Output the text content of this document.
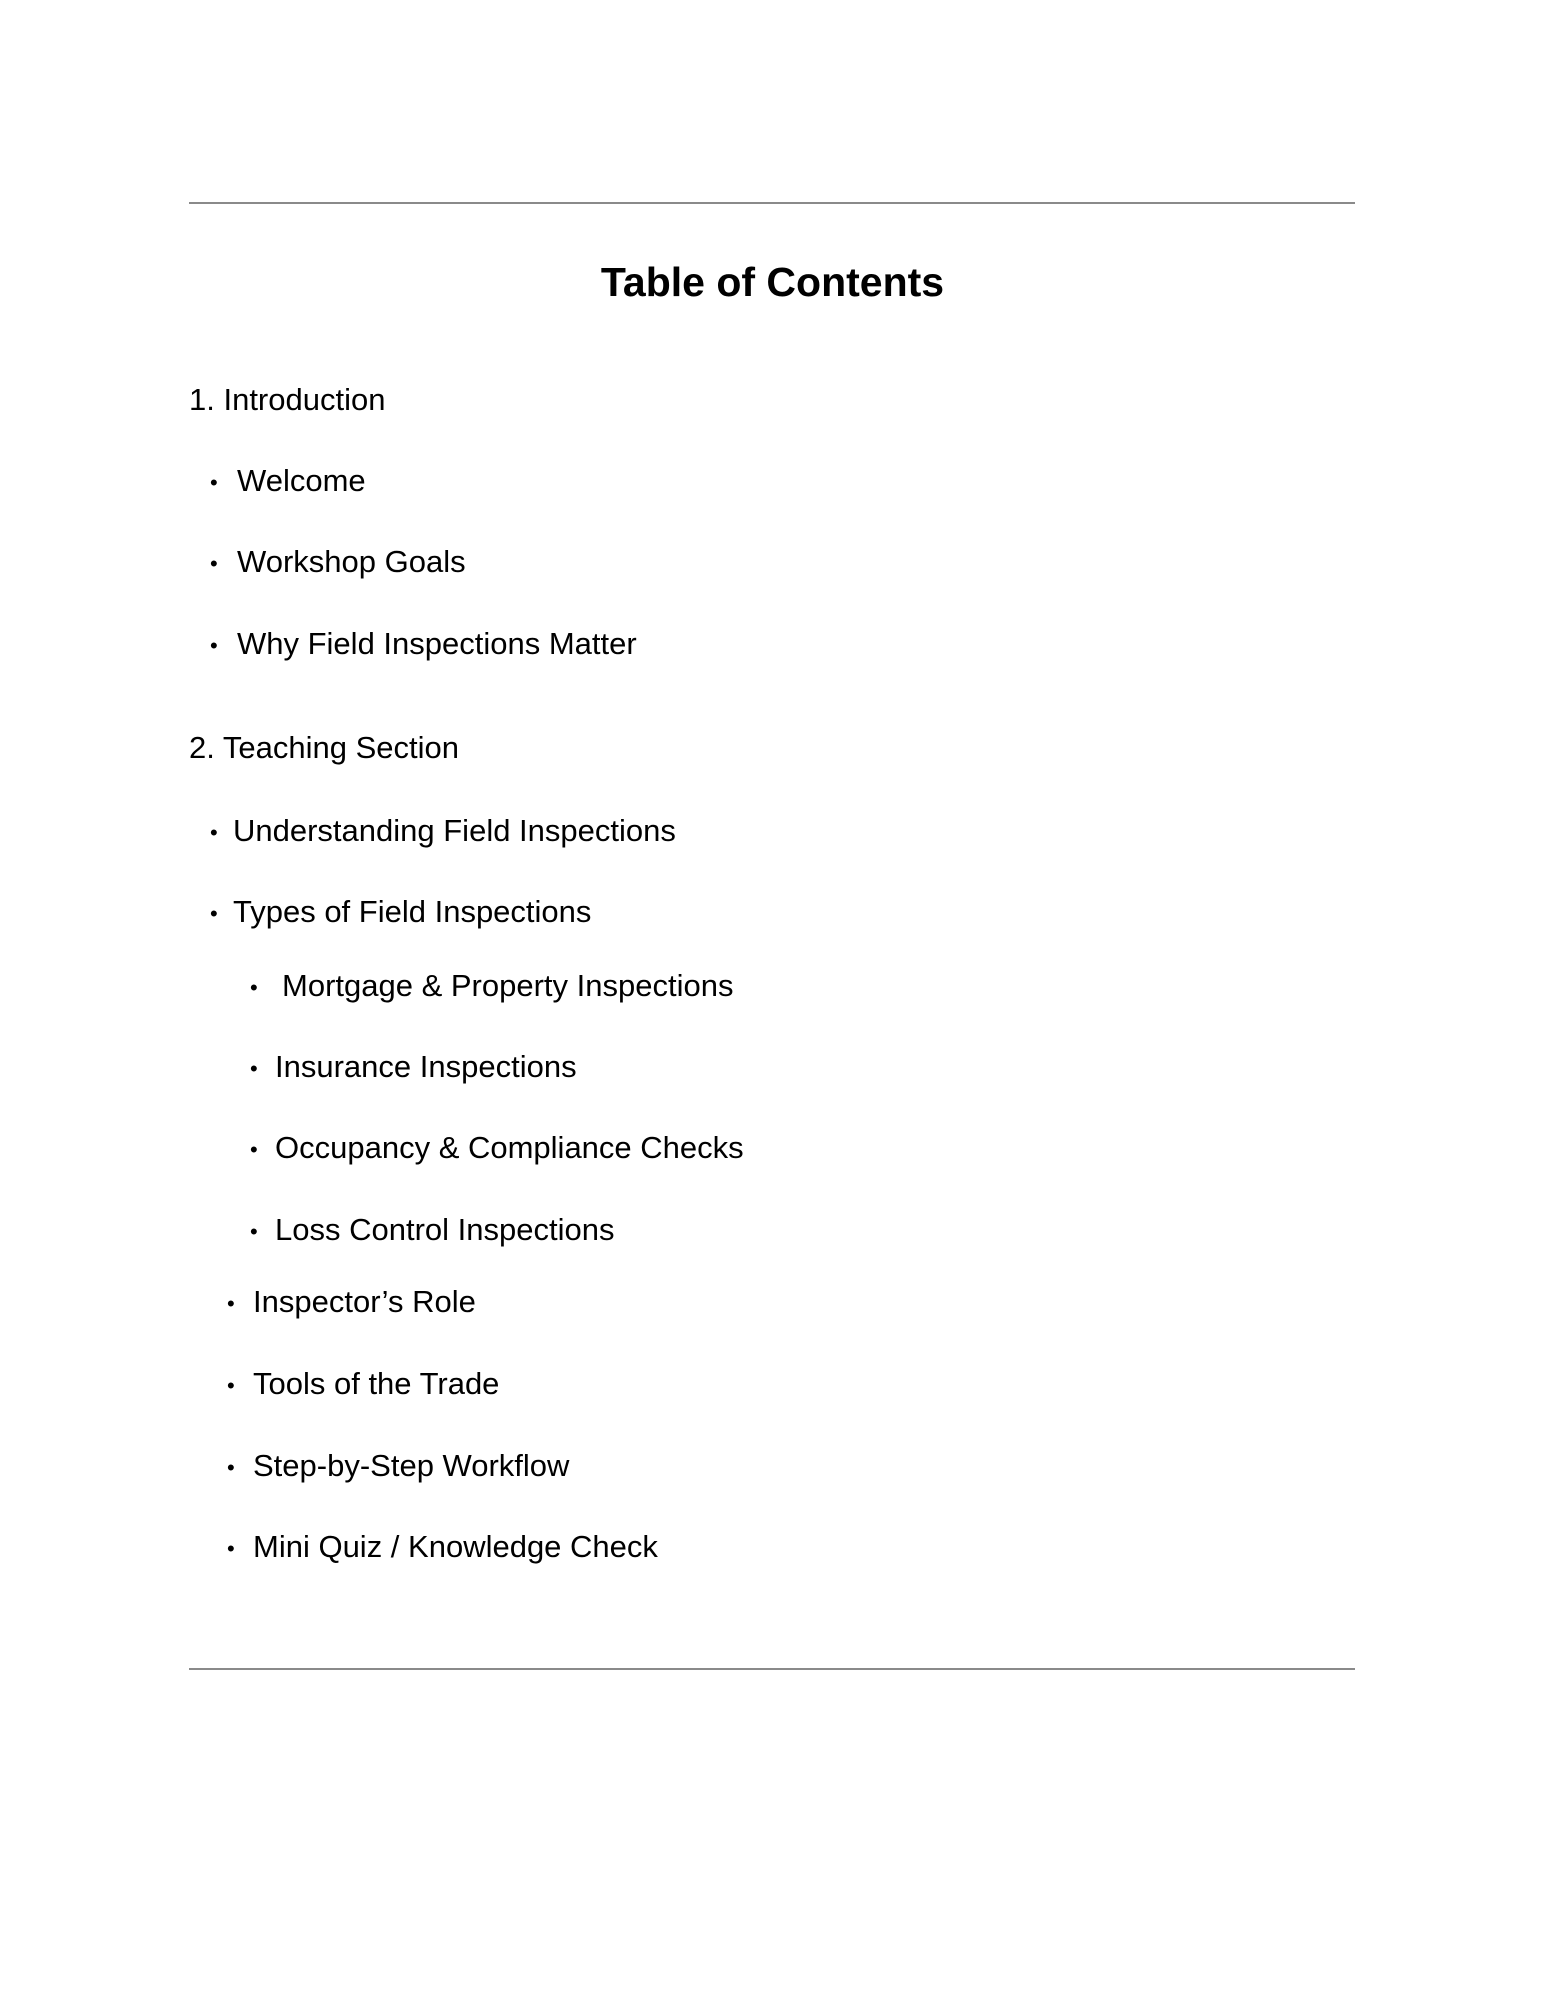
Table of Contents
1. Introduction
• Welcome
• Workshop Goals
• Why Field Inspections Matter
2. Teaching Section
• Understanding Field Inspections
• Types of Field Inspections
• Mortgage & Property Inspections
• Insurance Inspections
• Occupancy & Compliance Checks
• Loss Control Inspections
• Inspector’s Role
• Tools of the Trade
• Step-by-Step Workflow
• Mini Quiz / Knowledge Check
